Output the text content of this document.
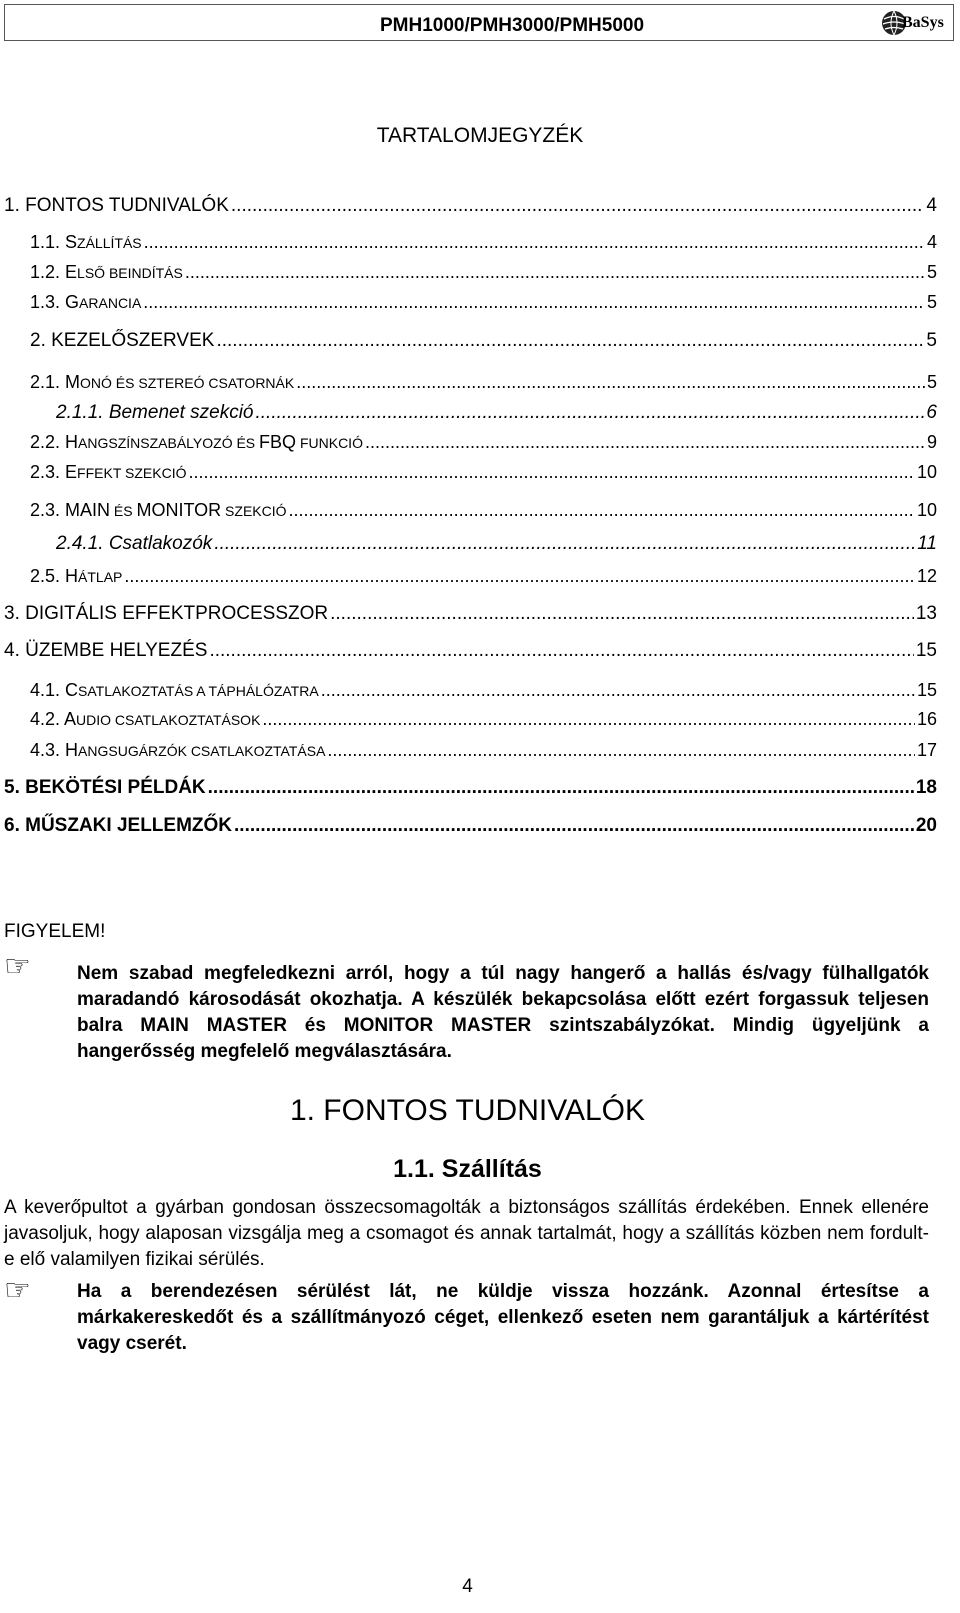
PMH1000/PMH3000/PMH5000	BaSys
TARTALOMJEGYZÉK
1. FONTOS TUDNIVALÓK .....	4
1.1. SZÁLLÍTÁS .....	4
1.2. ELSŐ BEINDÍTÁS .....	5
1.3. GARANCIA .....	5
2. KEZELŐSZERVEK .....	5
2.1. MONÓ ÉS SZTEREÓ CSATORNÁK .....	5
2.1.1. Bemenet szekció .....	6
2.2. HANGSZÍNSZABÁLYOZÓ ÉS FBQ FUNKCIÓ .....	9
2.3. EFFEKT SZEKCIÓ .....	10
2.3. MAIN ÉS MONITOR SZEKCIÓ .....	10
2.4.1. Csatlakozók .....	11
2.5. HÁTLAP .....	12
3. DIGITÁLIS EFFEKTPROCESSZOR .....	13
4. ÜZEMBE HELYEZÉS .....	15
4.1. CSATLAKOZTATÁS A TÁPHÁLÓZATRA .....	15
4.2. AUDIO CSATLAKOZTATÁSOK .....	16
4.3. HANGSUGÁRZÓK CSATLAKOZTATÁSA .....	17
5. BEKÖTÉSI PÉLDÁK .....	18
6. MŰSZAKI JELLEMZŐK .....	20
FIGYELEM!
☞ Nem szabad megfeledkezni arról, hogy a túl nagy hangerő a hallás és/vagy fülhallgatók maradandó károsodását okozhatja. A készülék bekapcsolása előtt ezért forgassuk teljesen balra MAIN MASTER és MONITOR MASTER szintszabályzókat. Mindig ügyeljünk a hangerősség megfelelő megválasztására.
1. FONTOS TUDNIVALÓK
1.1. Szállítás
A keverőpultot a gyárban gondosan összecsomagolták a biztonságos szállítás érdekében. Ennek ellenére javasoljuk, hogy alaposan vizsgálja meg a csomagot és annak tartalmát, hogy a szállítás közben nem fordult-e elő valamilyen fizikai sérülés.
☞ Ha a berendezésen sérülést lát, ne küldje vissza hozzánk. Azonnal értesítse a márkakereskedőt és a szállítmányozó céget, ellenkező eseten nem garantáljuk a kártérítést vagy cserét.
4
